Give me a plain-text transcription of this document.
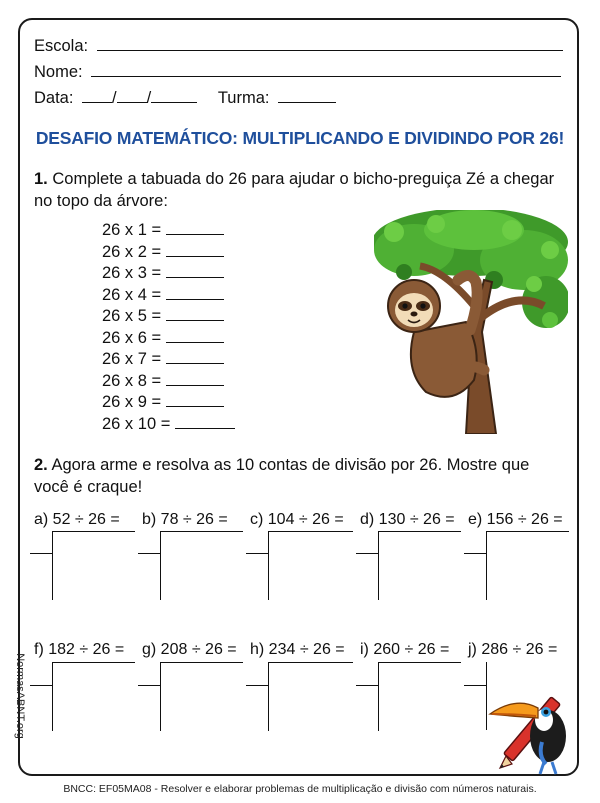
Escola:
Nome:
Data: / /	Turma:
DESAFIO MATEMÁTICO: MULTIPLICANDO E DIVIDINDO POR 26!
1. Complete a tabuada do 26 para ajudar o bicho-preguiça Zé a chegar no topo da árvore:
26 x 1 =
26 x 2 =
26 x 3 =
26 x 4 =
26 x 5 =
26 x 6 =
26 x 7 =
26 x 8 =
26 x 9 =
26 x 10 =
2. Agora arme e resolva as 10 contas de divisão por 26. Mostre que você é craque!
a) 52 ÷ 26 = b) 78 ÷ 26 = c) 104 ÷ 26 = d) 130 ÷ 26 = e) 156 ÷ 26 =
f) 182 ÷ 26 = g) 208 ÷ 26 = h) 234 ÷ 26 = i) 260 ÷ 26 = j) 286 ÷ 26 =
NormasABNT.org
BNCC: EF05MA08 - Resolver e elaborar problemas de multiplicação e divisão com números naturais.
